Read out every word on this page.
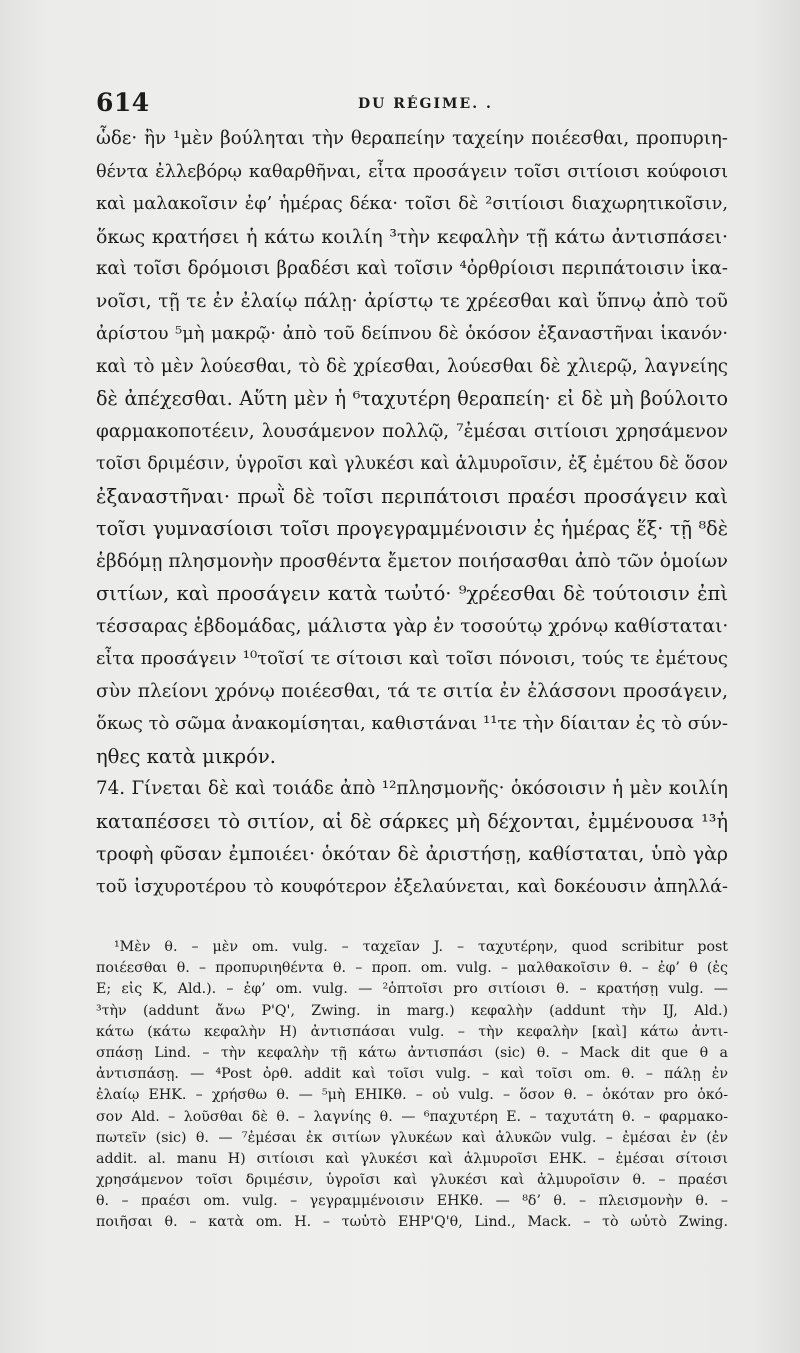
614	DU RÉGIME. .
ὧδε· ἢν ¹μὲν βούληται τὴν θεραπείην ταχείην ποιέεσθαι, προπυριη-
θέντα ἐλλεβόρῳ καθαρθῆναι, εἶτα προσάγειν τοῖσι σιτίοισι κούφοισι
καὶ μαλακοῖσιν ἐφ’ ἡμέρας δέκα· τοῖσι δὲ ²σιτίοισι διαχωρητικοῖσιν,
ὅκως κρατήσει ἡ κάτω κοιλίη ³τὴν κεφαλὴν τῇ κάτω ἀντισπάσει·
καὶ τοῖσι δρόμοισι βραδέσι καὶ τοῖσιν ⁴ὀρθρίοισι περιπάτοισιν ἱκα-
νοῖσι, τῇ τε ἐν ἐλαίῳ πάλῃ· ἀρίστῳ τε χρέεσθαι καὶ ὕπνῳ ἀπὸ τοῦ
ἀρίστου ⁵μὴ μακρῷ· ἀπὸ τοῦ δείπνου δὲ ὁκόσον ἐξαναστῆναι ἱκανόν·
καὶ τὸ μὲν λούεσθαι, τὸ δὲ χρίεσθαι, λούεσθαι δὲ χλιερῷ, λαγνείης
δὲ ἀπέχεσθαι. Αὕτη μὲν ἡ ⁶ταχυτέρη θεραπείη· εἰ δὲ μὴ βούλοιτο
φαρμακοποτέειν, λουσάμενον πολλῷ, ⁷ἐμέσαι σιτίοισι χρησάμενον
τοῖσι δριμέσιν, ὑγροῖσι καὶ γλυκέσι καὶ ἁλμυροῖσιν, ἐξ ἐμέτου δὲ ὅσον
ἐξαναστῆναι· πρωῒ δὲ τοῖσι περιπάτοισι πραέσι προσάγειν καὶ
τοῖσι γυμνασίοισι τοῖσι προγεγραμμένοισιν ἐς ἡμέρας ἕξ· τῇ ⁸δὲ
ἑβδόμῃ πλησμονὴν προσθέντα ἔμετον ποιήσασθαι ἀπὸ τῶν ὁμοίων
σιτίων, καὶ προσάγειν κατὰ τωὐτό· ⁹χρέεσθαι δὲ τούτοισιν ἐπὶ
τέσσαρας ἑβδομάδας, μάλιστα γὰρ ἐν τοσούτῳ χρόνῳ καθίσταται·
εἶτα προσάγειν ¹⁰τοῖσί τε σίτοισι καὶ τοῖσι πόνοισι, τούς τε ἐμέτους
σὺν πλείονι χρόνῳ ποιέεσθαι, τά τε σιτία ἐν ἐλάσσονι προσάγειν,
ὅκως τὸ σῶμα ἀνακομίσηται, καθιστάναι ¹¹τε τὴν δίαιταν ἐς τὸ σύν-
ηθες κατὰ μικρόν.
74. Γίνεται δὲ καὶ τοιάδε ἀπὸ ¹²πλησμονῆς· ὁκόσοισιν ἡ μὲν κοιλίη
καταπέσσει τὸ σιτίον, αἱ δὲ σάρκες μὴ δέχονται, ἐμμένουσα ¹³ἡ
τροφὴ φῦσαν ἐμποιέει· ὁκόταν δὲ ἀριστήσῃ, καθίσταται, ὑπὸ γὰρ
τοῦ ἰσχυροτέρου τὸ κουφότερον ἐξελαύνεται, καὶ δοκέουσιν ἀπηλλά-
¹Μὲν θ. – μὲν om. vulg. – ταχεῖαν J. – ταχυτέρην, quod scribitur post
ποιέεσθαι θ. – προπυριηθέντα θ. – προπ. om. vulg. – μαλθακοῖσιν θ. – ἐφ’ θ (ἐς
E; εἰς K, Ald.). – ἐφ’ om. vulg. — ²ὁπτοῖσι pro σιτίοισι θ. – κρατήσῃ vulg. —
³τὴν (addunt ἄνω P'Q', Zwing. in marg.) κεφαλὴν (addunt τὴν IJ, Ald.)
κάτω (κάτω κεφαλὴν H) ἀντισπάσαι vulg. – τὴν κεφαλὴν [καὶ] κάτω ἀντι-
σπάσῃ Lind. – τὴν κεφαλὴν τῇ κάτω ἀντισπάσι (sic) θ. – Mack dit que θ a
ἀντισπάσῃ. — ⁴Post ὀρθ. addit καὶ τοῖσι vulg. – καὶ τοῖσι om. θ. – πάλῃ ἐν
ἐλαίῳ EHK. – χρήσθω θ. — ⁵μὴ EHIKθ. – οὐ vulg. – ὅσον θ. – ὁκόταν pro ὁκό-
σον Ald. – λοῦσθαι δὲ θ. – λαγνίης θ. — ⁶παχυτέρη E. – ταχυτάτη θ. – φαρμακο-
πωτεῖν (sic) θ. — ⁷ἐμέσαι ἐκ σιτίων γλυκέων καὶ ἀλυκῶν vulg. – ἐμέσαι ἐν (ἐν
addit. al. manu H) σιτίοισι καὶ γλυκέσι καὶ ἁλμυροῖσι EHK. – ἐμέσαι σίτοισι
χρησάμενον τοῖσι δριμέσιν, ὑγροῖσι καὶ γλυκέσι καὶ ἁλμυροῖσιν θ. – πραέσι
θ. – πραέσι om. vulg. – γεγραμμένοισιν EHKθ. — ⁸δ’ θ. – πλεισμονὴν θ. –
ποιῆσαι θ. – κατὰ om. H. – τωὐτὸ EHP'Q'θ, Lind., Mack. – τὸ ωὐτὸ Zwing.
